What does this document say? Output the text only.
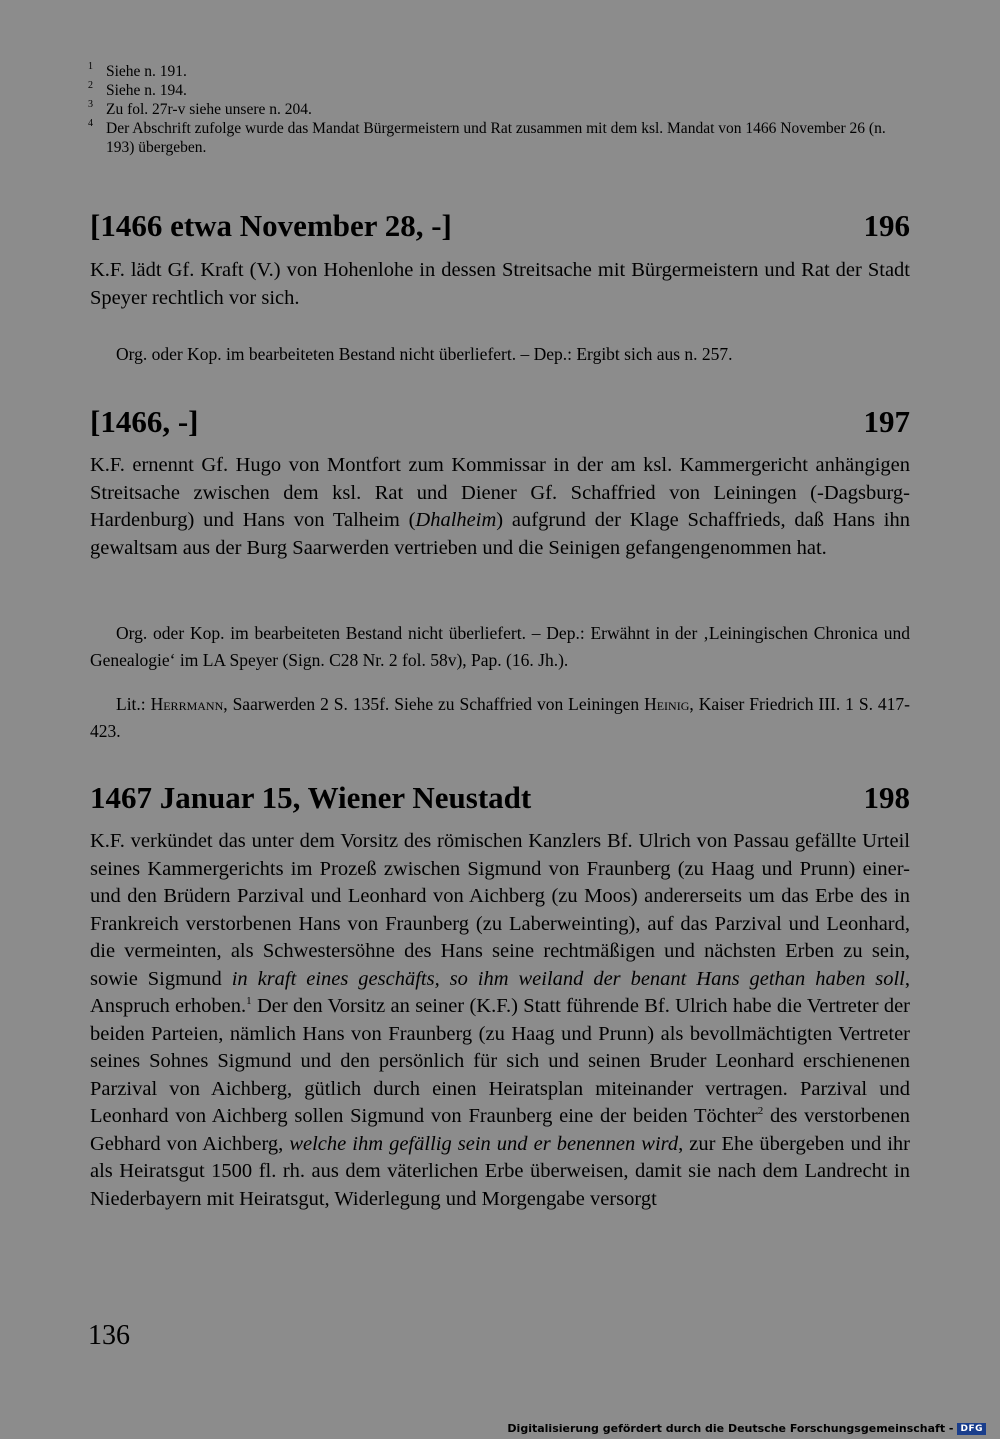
1 Siehe n. 191.
2 Siehe n. 194.
3 Zu fol. 27r-v siehe unsere n. 204.
4 Der Abschrift zufolge wurde das Mandat Bürgermeistern und Rat zusammen mit dem ksl. Mandat von 1466 November 26 (n. 193) übergeben.
[1466 etwa November 28, -]	196
K.F. lädt Gf. Kraft (V.) von Hohenlohe in dessen Streitsache mit Bürgermeistern und Rat der Stadt Speyer rechtlich vor sich.
Org. oder Kop. im bearbeiteten Bestand nicht überliefert. – Dep.: Ergibt sich aus n. 257.
[1466, -]	197
K.F. ernennt Gf. Hugo von Montfort zum Kommissar in der am ksl. Kammergericht anhängigen Streitsache zwischen dem ksl. Rat und Diener Gf. Schaffried von Leiningen (-Dagsburg-Hardenburg) und Hans von Talheim (Dhalheim) aufgrund der Klage Schaffrieds, daß Hans ihn gewaltsam aus der Burg Saarwerden vertrieben und die Seinigen gefangengenommen hat.
Org. oder Kop. im bearbeiteten Bestand nicht überliefert. – Dep.: Erwähnt in der ‚Leiningischen Chronica und Genealogie‘ im LA Speyer (Sign. C28 Nr. 2 fol. 58v), Pap. (16. Jh.).
Lit.: Herrmann, Saarwerden 2 S. 135f. Siehe zu Schaffried von Leiningen Heinig, Kaiser Friedrich III. 1 S. 417-423.
1467 Januar 15, Wiener Neustadt	198
K.F. verkündet das unter dem Vorsitz des römischen Kanzlers Bf. Ulrich von Passau gefällte Urteil seines Kammergerichts im Prozeß zwischen Sigmund von Fraunberg (zu Haag und Prunn) einer- und den Brüdern Parzival und Leonhard von Aichberg (zu Moos) andererseits um das Erbe des in Frankreich verstorbenen Hans von Fraunberg (zu Laberweinting), auf das Parzival und Leonhard, die vermeinten, als Schwestersöhne des Hans seine rechtmäßigen und nächsten Erben zu sein, sowie Sigmund in kraft eines geschäfts, so ihm weiland der benant Hans gethan haben soll, Anspruch erhoben.$^1$ Der den Vorsitz an seiner (K.F.) Statt führende Bf. Ulrich habe die Vertreter der beiden Parteien, nämlich Hans von Fraunberg (zu Haag und Prunn) als bevollmächtigten Vertreter seines Sohnes Sigmund und den persönlich für sich und seinen Bruder Leonhard erschienenen Parzival von Aichberg, gütlich durch einen Heiratsplan miteinander vertragen. Parzival und Leonhard von Aichberg sollen Sigmund von Fraunberg eine der beiden Töchter$^2$ des verstorbenen Gebhard von Aichberg, welche ihm gefällig sein und er benennen wird, zur Ehe übergeben und ihr als Heiratsgut 1500 fl. rh. aus dem väterlichen Erbe überweisen, damit sie nach dem Landrecht in Niederbayern mit Heiratsgut, Widerlegung und Morgengabe versorgt
136
Digitalisierung gefördert durch die Deutsche Forschungsgemeinschaft - DFG
